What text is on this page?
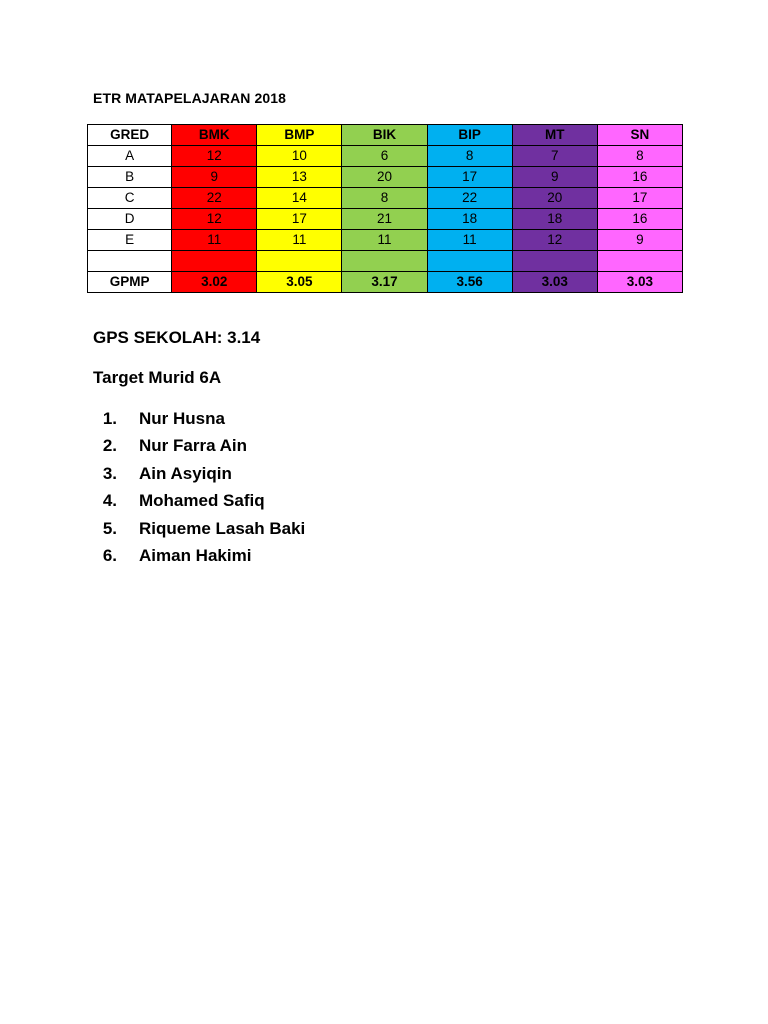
ETR MATAPELAJARAN 2018
GRED	BMK	BMP	BIK	BIP	MT	SN
A	12	10	6	8	7	8
B	9	13	20	17	9	16
C	22	14	8	22	20	17
D	12	17	21	18	18	16
E	11	11	11	11	12	9

GPMP	3.02	3.05	3.17	3.56	3.03	3.03
GPS SEKOLAH: 3.14
Target Murid 6A
1. Nur Husna
2. Nur Farra Ain
3. Ain Asyiqin
4. Mohamed Safiq
5. Riqueme Lasah Baki
6. Aiman Hakimi
